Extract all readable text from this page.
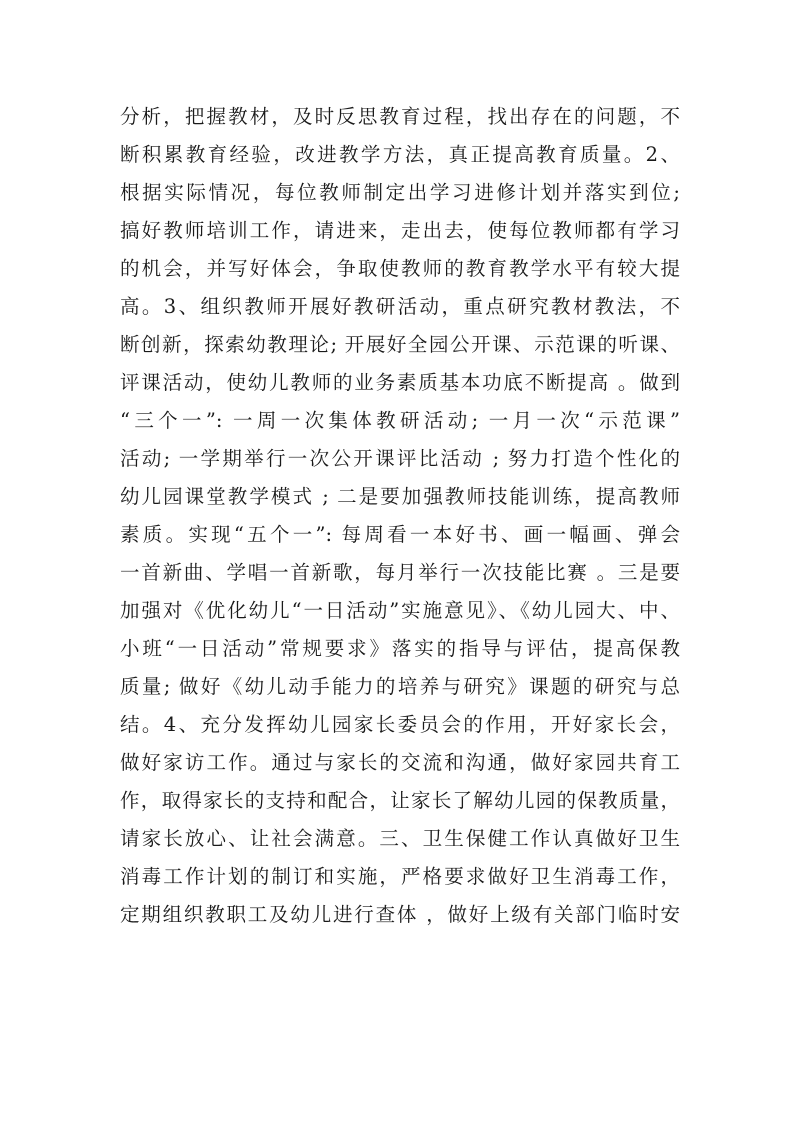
分析，把握教材，及时反思教育过程，找出存在的问题，不
断积累教育经验，改进教学方法，真正提高教育质量。2、
根据实际情况，每位教师制定出学习进修计划并落实到位;
搞好教师培训工作，请进来，走出去，使每位教师都有学习
的机会，并写好体会，争取使教师的教育教学水平有较大提
高。3、组织教师开展好教研活动，重点研究教材教法，不
断创新，探索幼教理论; 开展好全园公开课、示范课的听课、
评课活动，使幼儿教师的业务素质基本功底不断提高 。做到
“三个一”: 一周一次集体教研活动; 一月一次“示范课”
活动; 一学期举行一次公开课评比活动 ; 努力打造个性化的
幼儿园课堂教学模式 ; 二是要加强教师技能训练，提高教师
素质。实现“五个一”: 每周看一本好书、画一幅画、弹会
一首新曲、学唱一首新歌，每月举行一次技能比赛 。三是要
加强对《优化幼儿“一日活动”实施意见》、《幼儿园大、中、
小班“一日活动”常规要求》落实的指导与评估，提高保教
质量; 做好《幼儿动手能力的培养与研究》课题的研究与总
结。4、充分发挥幼儿园家长委员会的作用，开好家长会，
做好家访工作。通过与家长的交流和沟通，做好家园共育工
作，取得家长的支持和配合，让家长了解幼儿园的保教质量，
请家长放心、让社会满意。三、卫生保健工作认真做好卫生
消毒工作计划的制订和实施，严格要求做好卫生消毒工作，
定期组织教职工及幼儿进行查体 ，做好上级有关部门临时安
